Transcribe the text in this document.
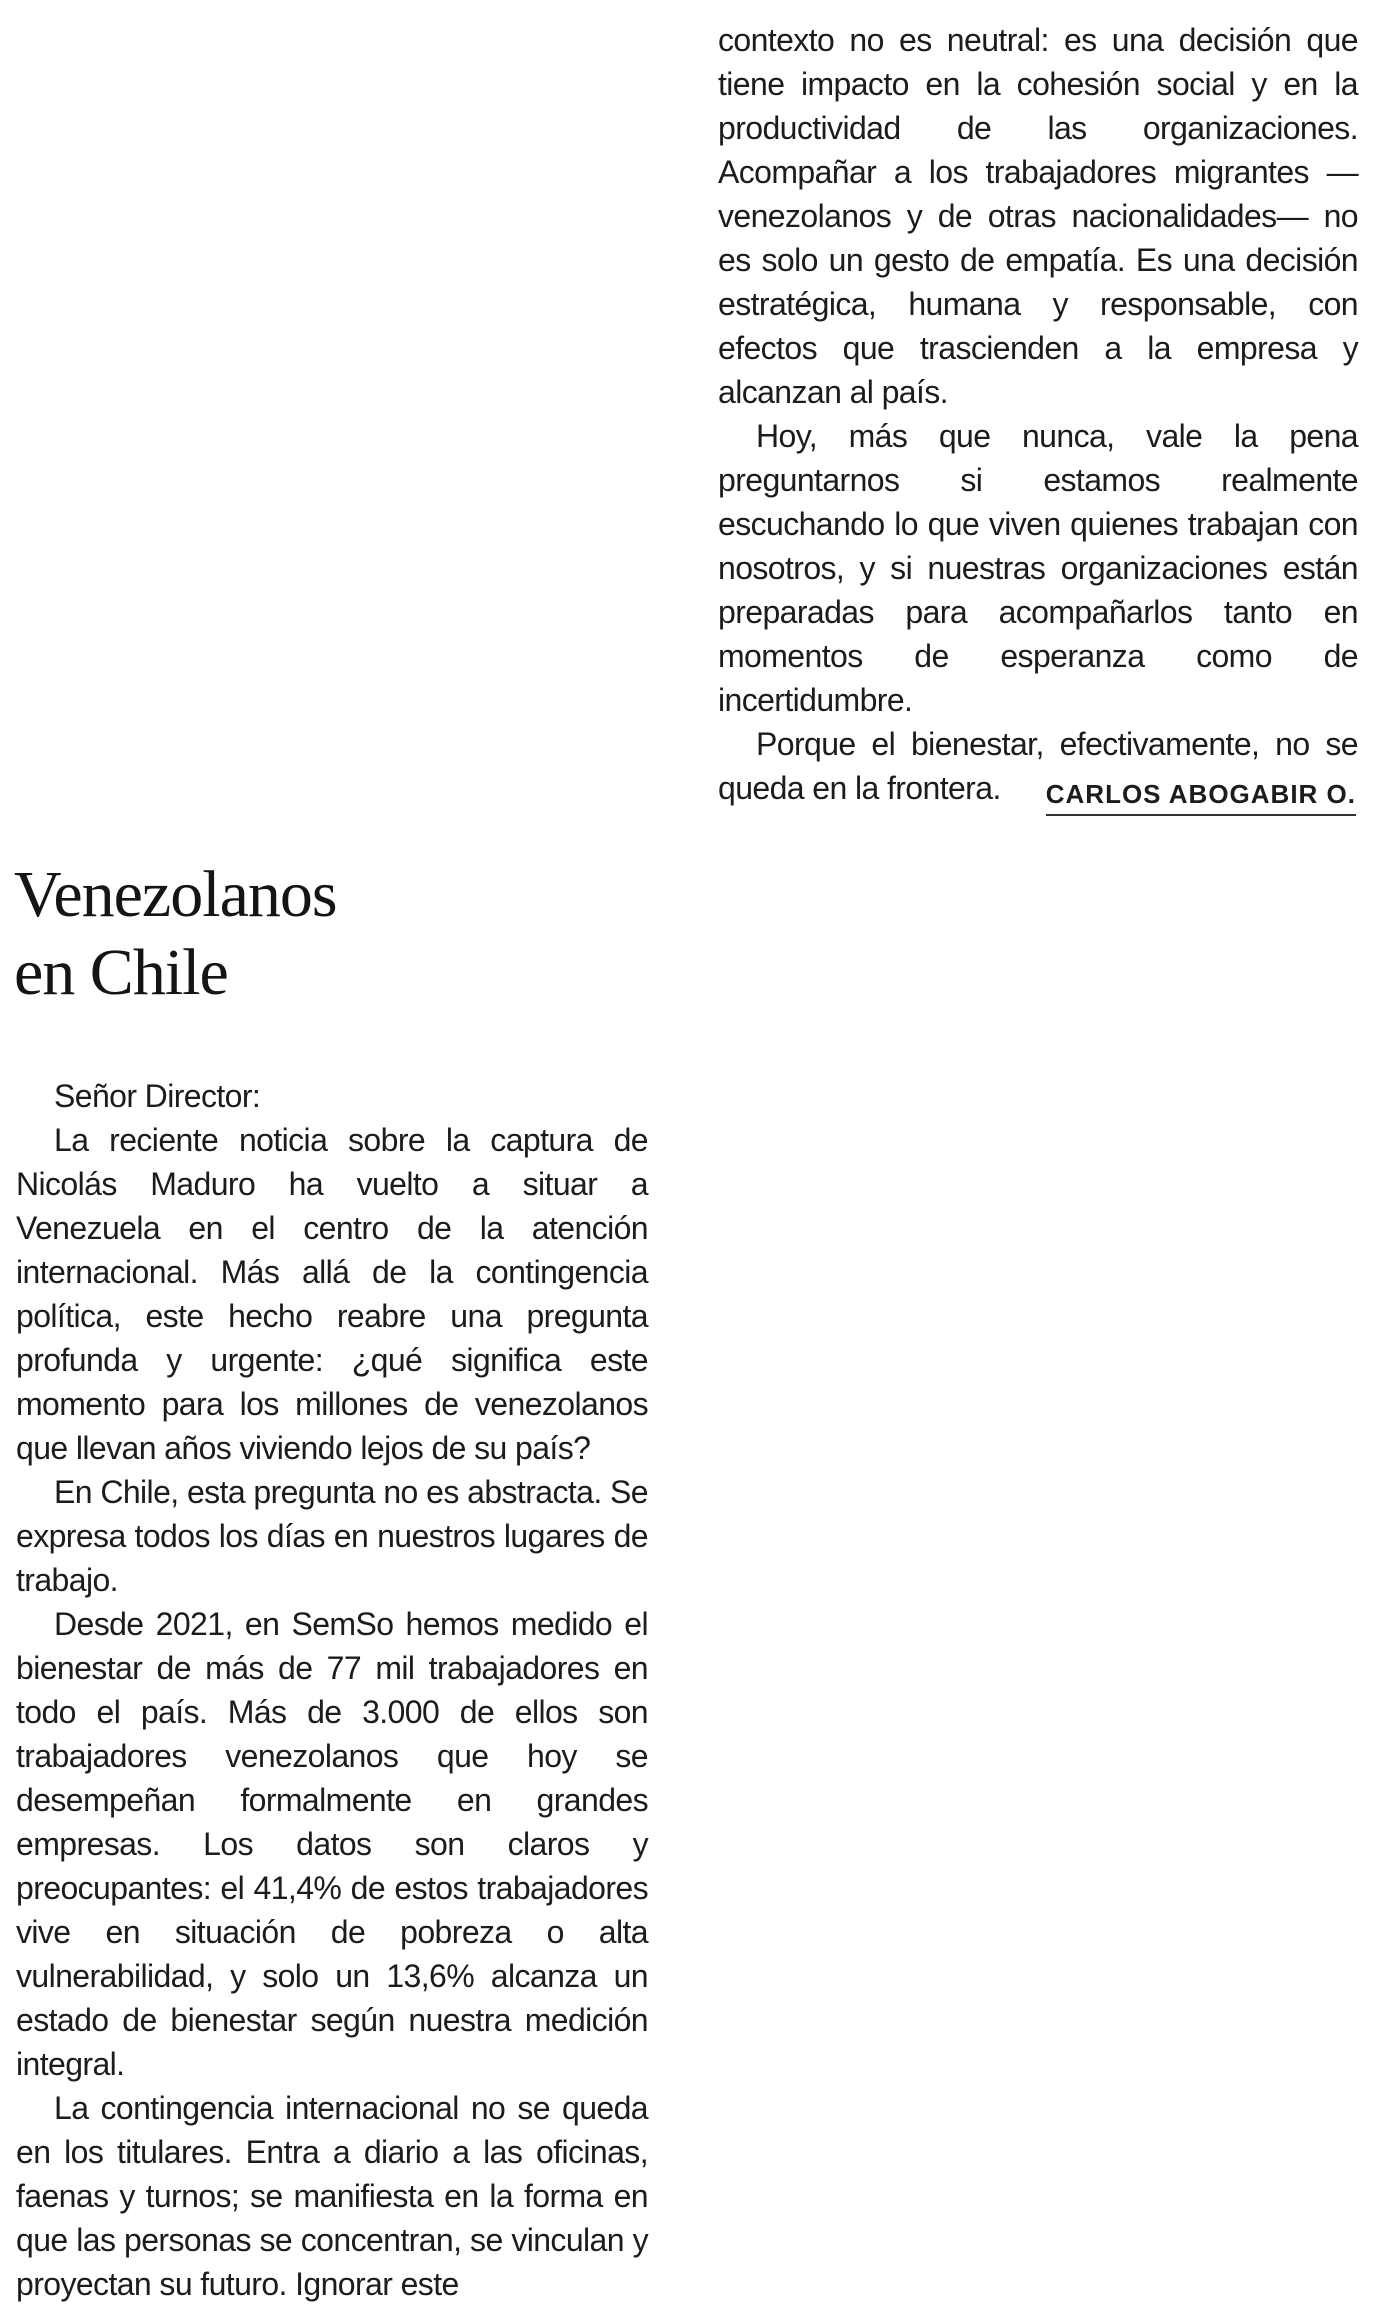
contexto no es neutral: es una decisión que tiene impacto en la cohesión social y en la productividad de las organizaciones. Acompañar a los trabajadores migrantes —venezolanos y de otras nacionalidades— no es solo un gesto de empatía. Es una decisión estratégica, humana y responsable, con efectos que trascienden a la empresa y alcanzan al país.

Hoy, más que nunca, vale la pena preguntarnos si estamos realmente escuchando lo que viven quienes trabajan con nosotros, y si nuestras organizaciones están preparadas para acompañarlos tanto en momentos de esperanza como de incertidumbre.

Porque el bienestar, efectivamente, no se queda en la frontera.	CARLOS ABOGABIR O.
Venezolanos
en Chile

Señor Director:

La reciente noticia sobre la captura de Nicolás Maduro ha vuelto a situar a Venezuela en el centro de la atención internacional. Más allá de la contingencia política, este hecho reabre una pregunta profunda y urgente: ¿qué significa este momento para los millones de venezolanos que llevan años viviendo lejos de su país?

En Chile, esta pregunta no es abstracta. Se expresa todos los días en nuestros lugares de trabajo.

Desde 2021, en SemSo hemos medido el bienestar de más de 77 mil trabajadores en todo el país. Más de 3.000 de ellos son trabajadores venezolanos que hoy se desempeñan formalmente en grandes empresas. Los datos son claros y preocupantes: el 41,4% de estos trabajadores vive en situación de pobreza o alta vulnerabilidad, y solo un 13,6% alcanza un estado de bienestar según nuestra medición integral.

La contingencia internacional no se queda en los titulares. Entra a diario a las oficinas, faenas y turnos; se manifiesta en la forma en que las personas se concentran, se vinculan y proyectan su futuro. Ignorar este
